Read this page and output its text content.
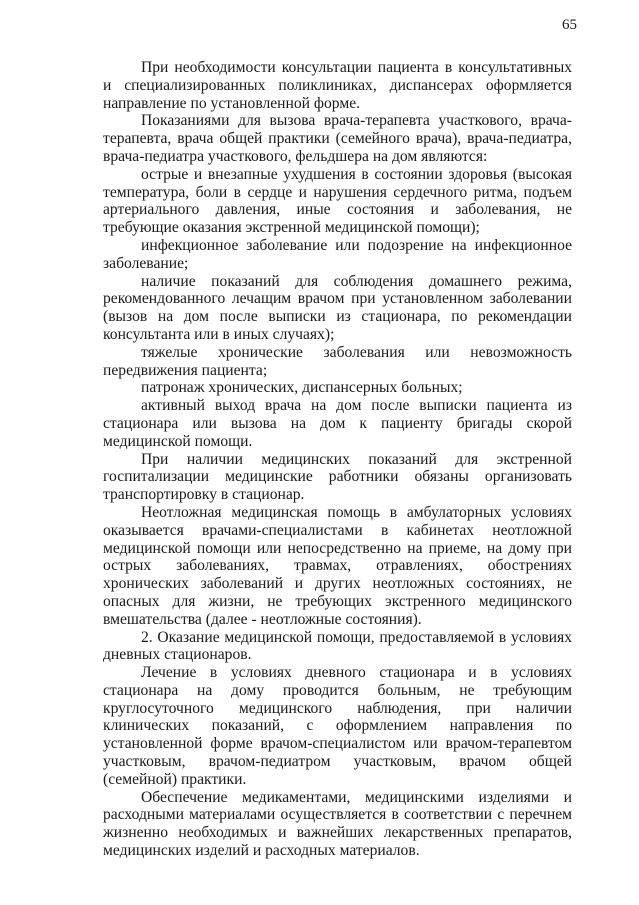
65

При необходимости консультации пациента в консультативных и специализированных поликлиниках, диспансерах оформляется направление по установленной форме.

Показаниями для вызова врача-терапевта участкового, врача-терапевта, врача общей практики (семейного врача), врача-педиатра, врача-педиатра участкового, фельдшера на дом являются:

острые и внезапные ухудшения в состоянии здоровья (высокая температура, боли в сердце и нарушения сердечного ритма, подъем артериального давления, иные состояния и заболевания, не требующие оказания экстренной медицинской помощи);

инфекционное заболевание или подозрение на инфекционное заболевание;

наличие показаний для соблюдения домашнего режима, рекомендованного лечащим врачом при установленном заболевании (вызов на дом после выписки из стационара, по рекомендации консультанта или в иных случаях);

тяжелые хронические заболевания или невозможность передвижения пациента;

патронаж хронических, диспансерных больных;

активный выход врача на дом после выписки пациента из стационара или вызова на дом к пациенту бригады скорой медицинской помощи.

При наличии медицинских показаний для экстренной госпитализации медицинские работники обязаны организовать транспортировку в стационар.

Неотложная медицинская помощь в амбулаторных условиях оказывается врачами-специалистами в кабинетах неотложной медицинской помощи или непосредственно на приеме, на дому при острых заболеваниях, травмах, отравлениях, обострениях хронических заболеваний и других неотложных состояниях, не опасных для жизни, не требующих экстренного медицинского вмешательства (далее - неотложные состояния).

2. Оказание медицинской помощи, предоставляемой в условиях дневных стационаров.

Лечение в условиях дневного стационара и в условиях стационара на дому проводится больным, не требующим круглосуточного медицинского наблюдения, при наличии клинических показаний, с оформлением направления по установленной форме врачом-специалистом или врачом-терапевтом участковым, врачом-педиатром участковым, врачом общей (семейной) практики.

Обеспечение медикаментами, медицинскими изделиями и расходными материалами осуществляется в соответствии с перечнем жизненно необходимых и важнейших лекарственных препаратов, медицинских изделий и расходных материалов.
